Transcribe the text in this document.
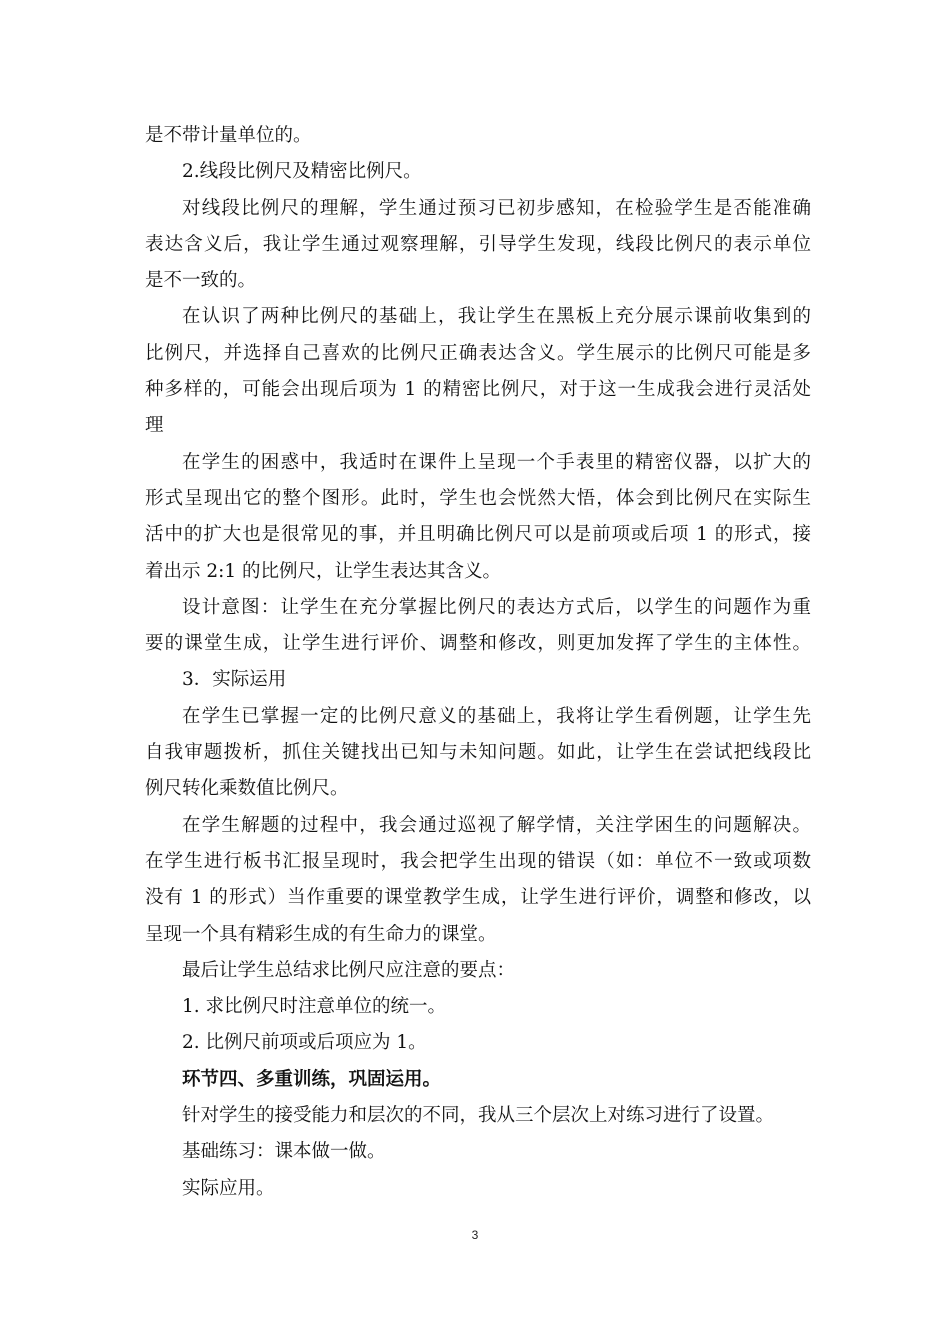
是不带计量单位的。
2.线段比例尺及精密比例尺。
对线段比例尺的理解，学生通过预习已初步感知，在检验学生是否能准确
表达含义后，我让学生通过观察理解，引导学生发现，线段比例尺的表示单位
是不一致的。
在认识了两种比例尺的基础上，我让学生在黑板上充分展示课前收集到的
比例尺，并选择自己喜欢的比例尺正确表达含义。学生展示的比例尺可能是多
种多样的，可能会出现后项为 1 的精密比例尺，对于这一生成我会进行灵活处
理
在学生的困惑中，我适时在课件上呈现一个手表里的精密仪器，以扩大的
形式呈现出它的整个图形。此时，学生也会恍然大悟，体会到比例尺在实际生
活中的扩大也是很常见的事，并且明确比例尺可以是前项或后项 1 的形式，接
着出示 2:1 的比例尺，让学生表达其含义。
设计意图：让学生在充分掌握比例尺的表达方式后，以学生的问题作为重
要的课堂生成，让学生进行评价、调整和修改，则更加发挥了学生的主体性。
3．实际运用
在学生已掌握一定的比例尺意义的基础上，我将让学生看例题，让学生先
自我审题拨析，抓住关键找出已知与未知问题。如此，让学生在尝试把线段比
例尺转化乘数值比例尺。
在学生解题的过程中，我会通过巡视了解学情，关注学困生的问题解决。
在学生进行板书汇报呈现时，我会把学生出现的错误（如：单位不一致或项数
没有 1 的形式）当作重要的课堂教学生成，让学生进行评价，调整和修改，以
呈现一个具有精彩生成的有生命力的课堂。
最后让学生总结求比例尺应注意的要点：
1. 求比例尺时注意单位的统一。
2. 比例尺前项或后项应为 1。
环节四、多重训练，巩固运用。
针对学生的接受能力和层次的不同，我从三个层次上对练习进行了设置。
基础练习：课本做一做。
实际应用。
3
